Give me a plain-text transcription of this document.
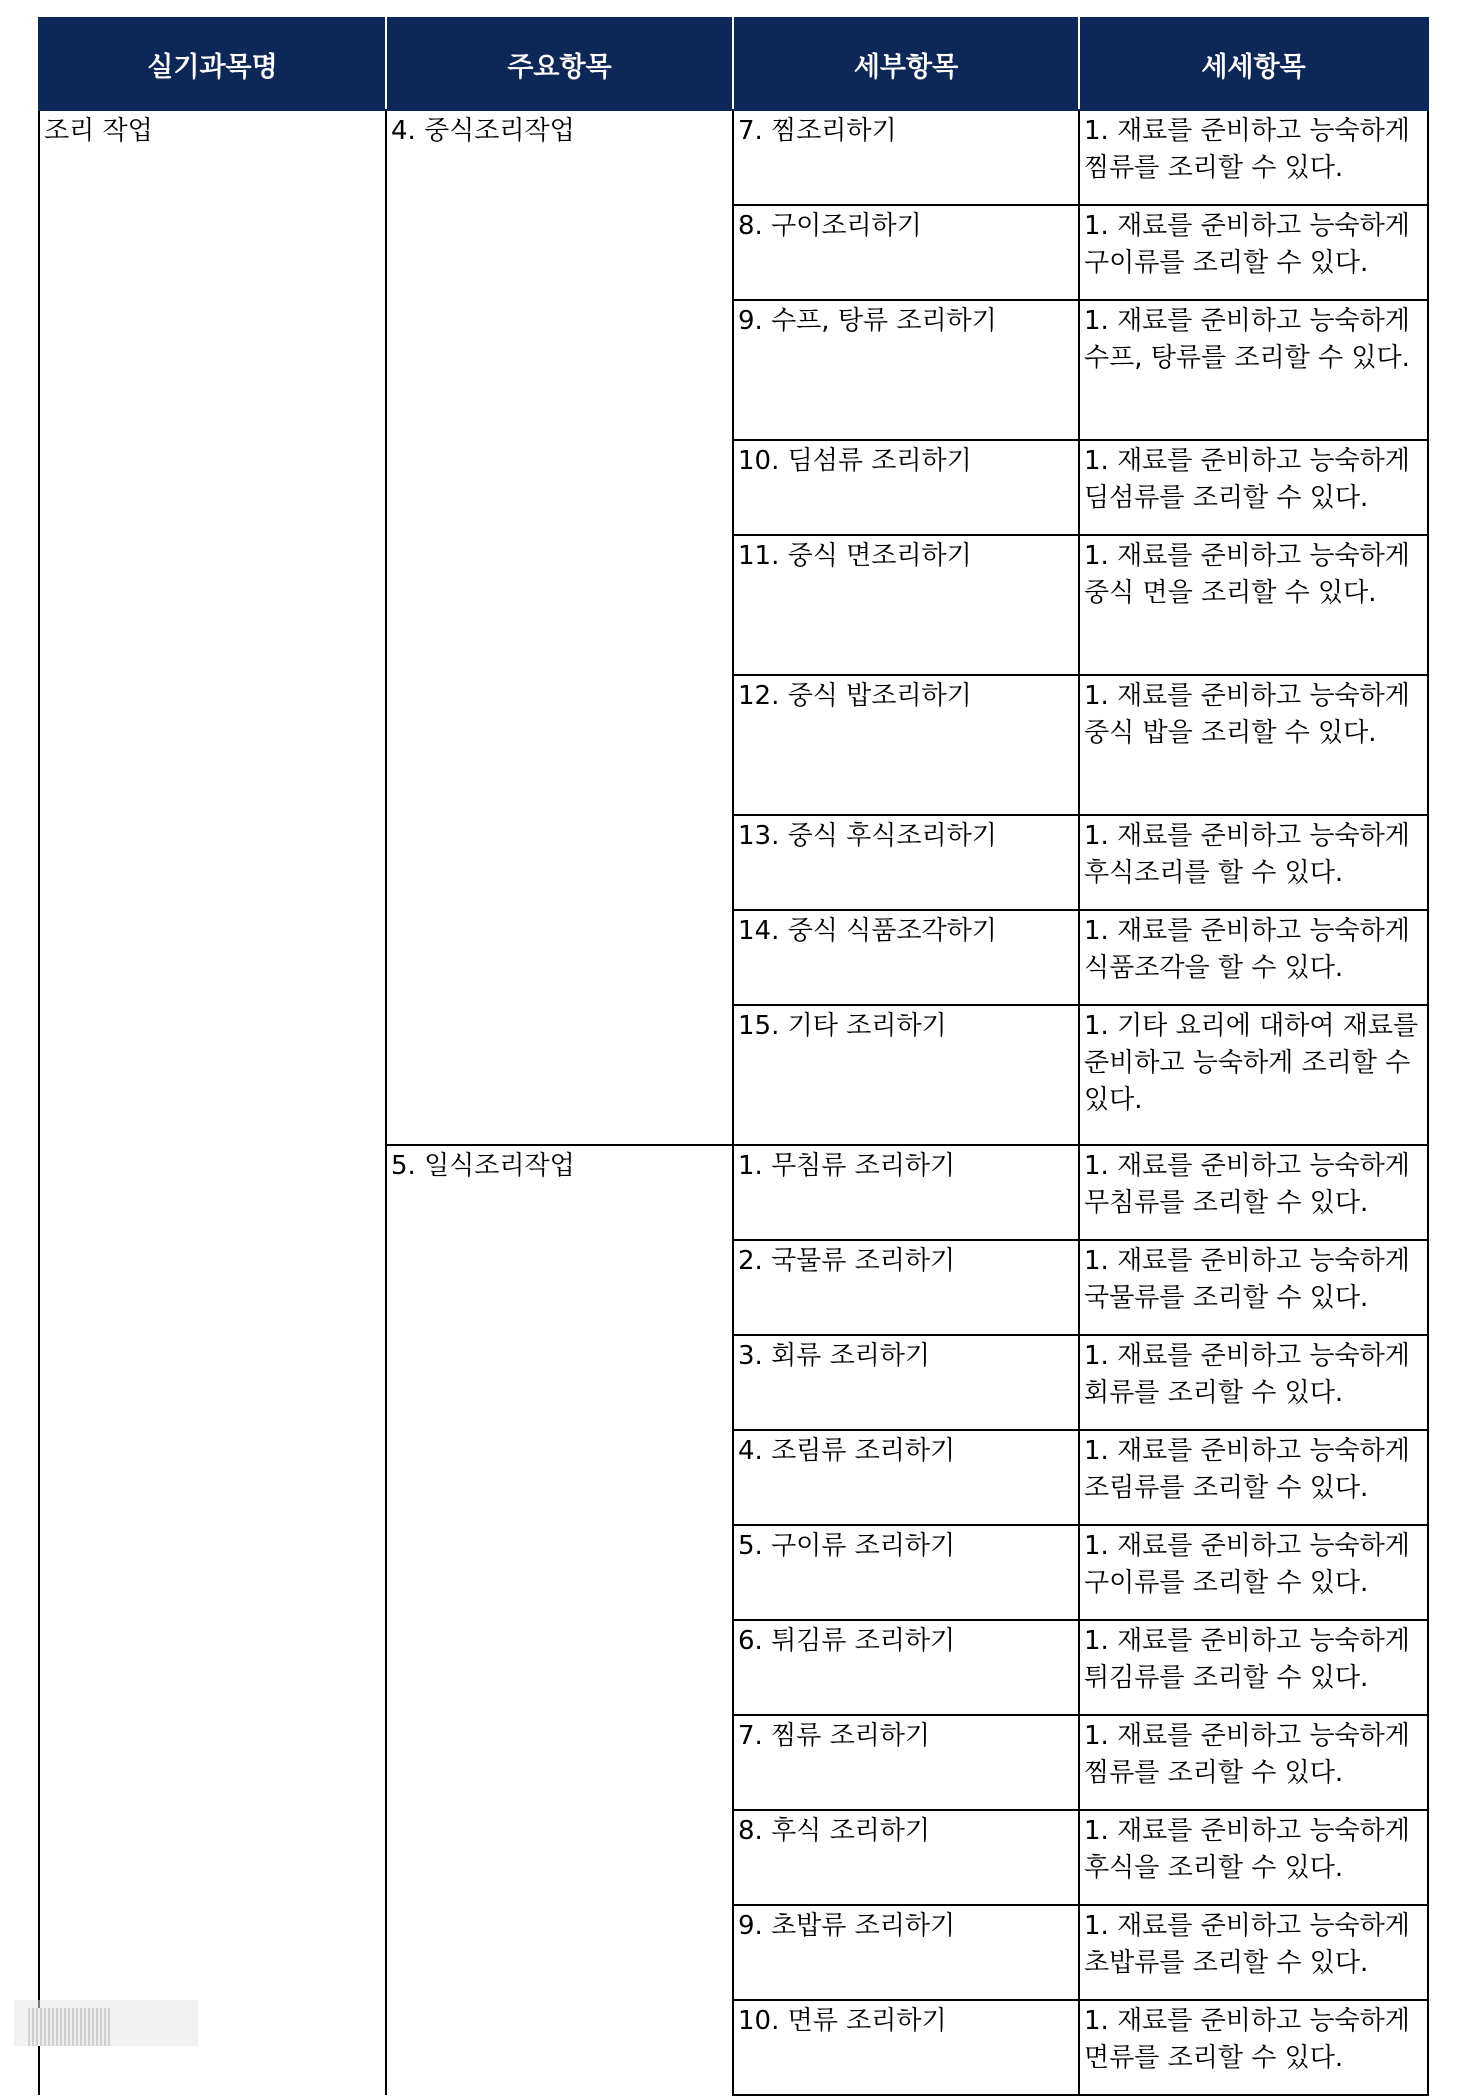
실기과목명	주요항목	세부항목	세세항목
조리 작업	4. 중식조리작업	7. 찜조리하기	1. 재료를 준비하고 능숙하게 찜류를 조리할 수 있다.
		8. 구이조리하기	1. 재료를 준비하고 능숙하게 구이류를 조리할 수 있다.
		9. 수프, 탕류 조리하기	1. 재료를 준비하고 능숙하게 수프, 탕류를 조리할 수 있다.
		10. 딤섬류 조리하기	1. 재료를 준비하고 능숙하게 딤섬류를 조리할 수 있다.
		11. 중식 면조리하기	1. 재료를 준비하고 능숙하게 중식 면을 조리할 수 있다.
		12. 중식 밥조리하기	1. 재료를 준비하고 능숙하게 중식 밥을 조리할 수 있다.
		13. 중식 후식조리하기	1. 재료를 준비하고 능숙하게 후식조리를 할 수 있다.
		14. 중식 식품조각하기	1. 재료를 준비하고 능숙하게 식품조각을 할 수 있다.
		15. 기타 조리하기	1. 기타 요리에 대하여 재료를 준비하고 능숙하게 조리할 수 있다.
	5. 일식조리작업	1. 무침류 조리하기	1. 재료를 준비하고 능숙하게 무침류를 조리할 수 있다.
		2. 국물류 조리하기	1. 재료를 준비하고 능숙하게 국물류를 조리할 수 있다.
		3. 회류 조리하기	1. 재료를 준비하고 능숙하게 회류를 조리할 수 있다.
		4. 조림류 조리하기	1. 재료를 준비하고 능숙하게 조림류를 조리할 수 있다.
		5. 구이류 조리하기	1. 재료를 준비하고 능숙하게 구이류를 조리할 수 있다.
		6. 튀김류 조리하기	1. 재료를 준비하고 능숙하게 튀김류를 조리할 수 있다.
		7. 찜류 조리하기	1. 재료를 준비하고 능숙하게 찜류를 조리할 수 있다.
		8. 후식 조리하기	1. 재료를 준비하고 능숙하게 후식을 조리할 수 있다.
		9. 초밥류 조리하기	1. 재료를 준비하고 능숙하게 초밥류를 조리할 수 있다.
		10. 면류 조리하기	1. 재료를 준비하고 능숙하게 면류를 조리할 수 있다.
